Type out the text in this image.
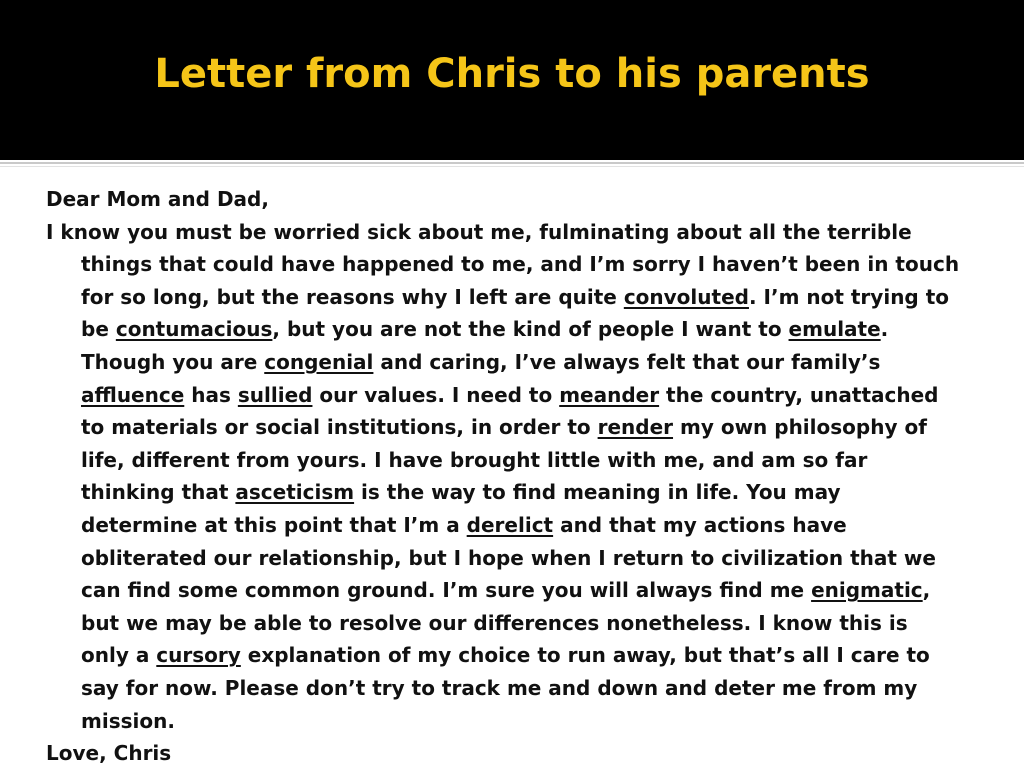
Letter from Chris to his parents
Dear Mom and Dad,
I know you must be worried sick about me, fulminating about all the terrible
things that could have happened to me, and I’m sorry I haven’t been in touch
for so long, but the reasons why I left are quite convoluted. I’m not trying to
be contumacious, but you are not the kind of people I want to emulate.
Though you are congenial and caring, I’ve always felt that our family’s
affluence has sullied our values. I need to meander the country, unattached
to materials or social institutions, in order to render my own philosophy of
life, different from yours. I have brought little with me, and am so far
thinking that asceticism is the way to find meaning in life. You may
determine at this point that I’m a derelict and that my actions have
obliterated our relationship, but I hope when I return to civilization that we
can find some common ground. I’m sure you will always find me enigmatic,
but we may be able to resolve our differences nonetheless. I know this is
only a cursory explanation of my choice to run away, but that’s all I care to
say for now. Please don’t try to track me and down and deter me from my
mission.
Love, Chris
